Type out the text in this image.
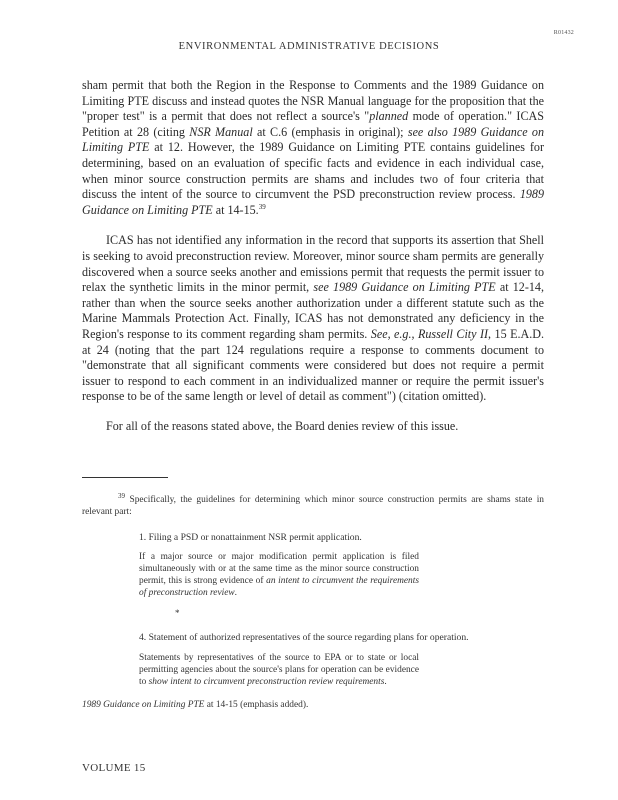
R01432
ENVIRONMENTAL ADMINISTRATIVE DECISIONS

sham permit that both the Region in the Response to Comments and the 1989 Guidance on Limiting PTE discuss and instead quotes the NSR Manual language for the proposition that the "proper test" is a permit that does not reflect a source's "planned mode of operation." ICAS Petition at 28 (citing NSR Manual at C.6 (emphasis in original); see also 1989 Guidance on Limiting PTE at 12. However, the 1989 Guidance on Limiting PTE contains guidelines for determining, based on an evaluation of specific facts and evidence in each individual case, when minor source construction permits are shams and includes two of four criteria that discuss the intent of the source to circumvent the PSD preconstruction review process. 1989 Guidance on Limiting PTE at 14-15.39

ICAS has not identified any information in the record that supports its assertion that Shell is seeking to avoid preconstruction review. Moreover, minor source sham permits are generally discovered when a source seeks another and emissions permit that requests the permit issuer to relax the synthetic limits in the minor permit, see 1989 Guidance on Limiting PTE at 12-14, rather than when the source seeks another authorization under a different statute such as the Marine Mammals Protection Act. Finally, ICAS has not demonstrated any deficiency in the Region's response to its comment regarding sham permits. See, e.g., Russell City II, 15 E.A.D. at 24 (noting that the part 124 regulations require a response to comments document to "demonstrate that all significant comments were considered but does not require a permit issuer to respond to each comment in an individualized manner or require the permit issuer's response to be of the same length or level of detail as comment") (citation omitted).

For all of the reasons stated above, the Board denies review of this issue.

$^{39}$ Specifically, the guidelines for determining which minor source construction permits are shams state in relevant part:

1. Filing a PSD or nonattainment NSR permit application.

If a major source or major modification permit application is filed simultaneously with or at the same time as the minor source construction permit, this is strong evidence of an intent to circumvent the requirements of preconstruction review.

*

4. Statement of authorized representatives of the source regarding plans for operation.

Statements by representatives of the source to EPA or to state or local permitting agencies about the source's plans for operation can be evidence to show intent to circumvent preconstruction review requirements.

1989 Guidance on Limiting PTE at 14-15 (emphasis added).

VOLUME 15
